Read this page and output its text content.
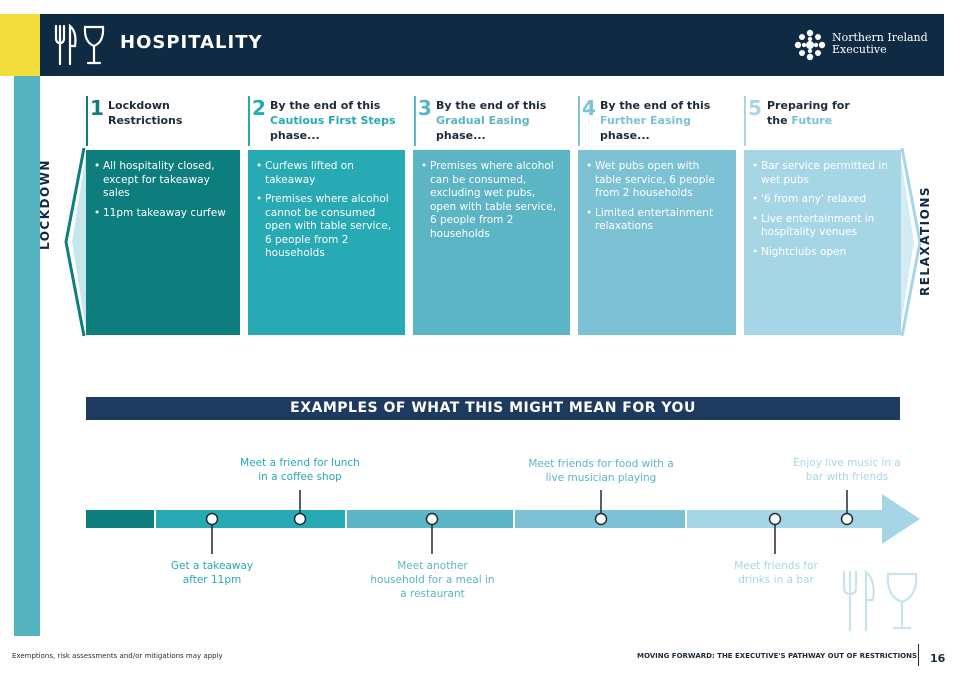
HOSPITALITY	Northern Ireland
Executive
LOCKDOWN	RELAXATIONS
1 Lockdown
Restrictions
• All hospitality closed, except for takeaway sales
• 11pm takeaway curfew
2 By the end of this
Cautious First Steps
phase...
• Curfews lifted on takeaway
• Premises where alcohol cannot be consumed open with table service, 6 people from 2 households
3 By the end of this
Gradual Easing phase...
• Premises where alcohol can be consumed, excluding wet pubs, open with table service, 6 people from 2 households
4 By the end of this
Further Easing phase...
• Wet pubs open with table service, 6 people from 2 households
• Limited entertainment relaxations
5 Preparing for
the Future
• Bar service permitted in wet pubs
• '6 from any' relaxed
• Live entertainment in hospitality venues
• Nightclubs open
EXAMPLES OF WHAT THIS MIGHT MEAN FOR YOU
Meet a friend for lunch in a coffee shop
Meet friends for food with a live musician playing
Enjoy live music in a bar with friends
Get a takeaway after 11pm
Meet another household for a meal in a restaurant
Meet friends for drinks in a bar
Exemptions, risk assessments and/or mitigations may apply	MOVING FORWARD: THE EXECUTIVE'S PATHWAY OUT OF RESTRICTIONS 16
